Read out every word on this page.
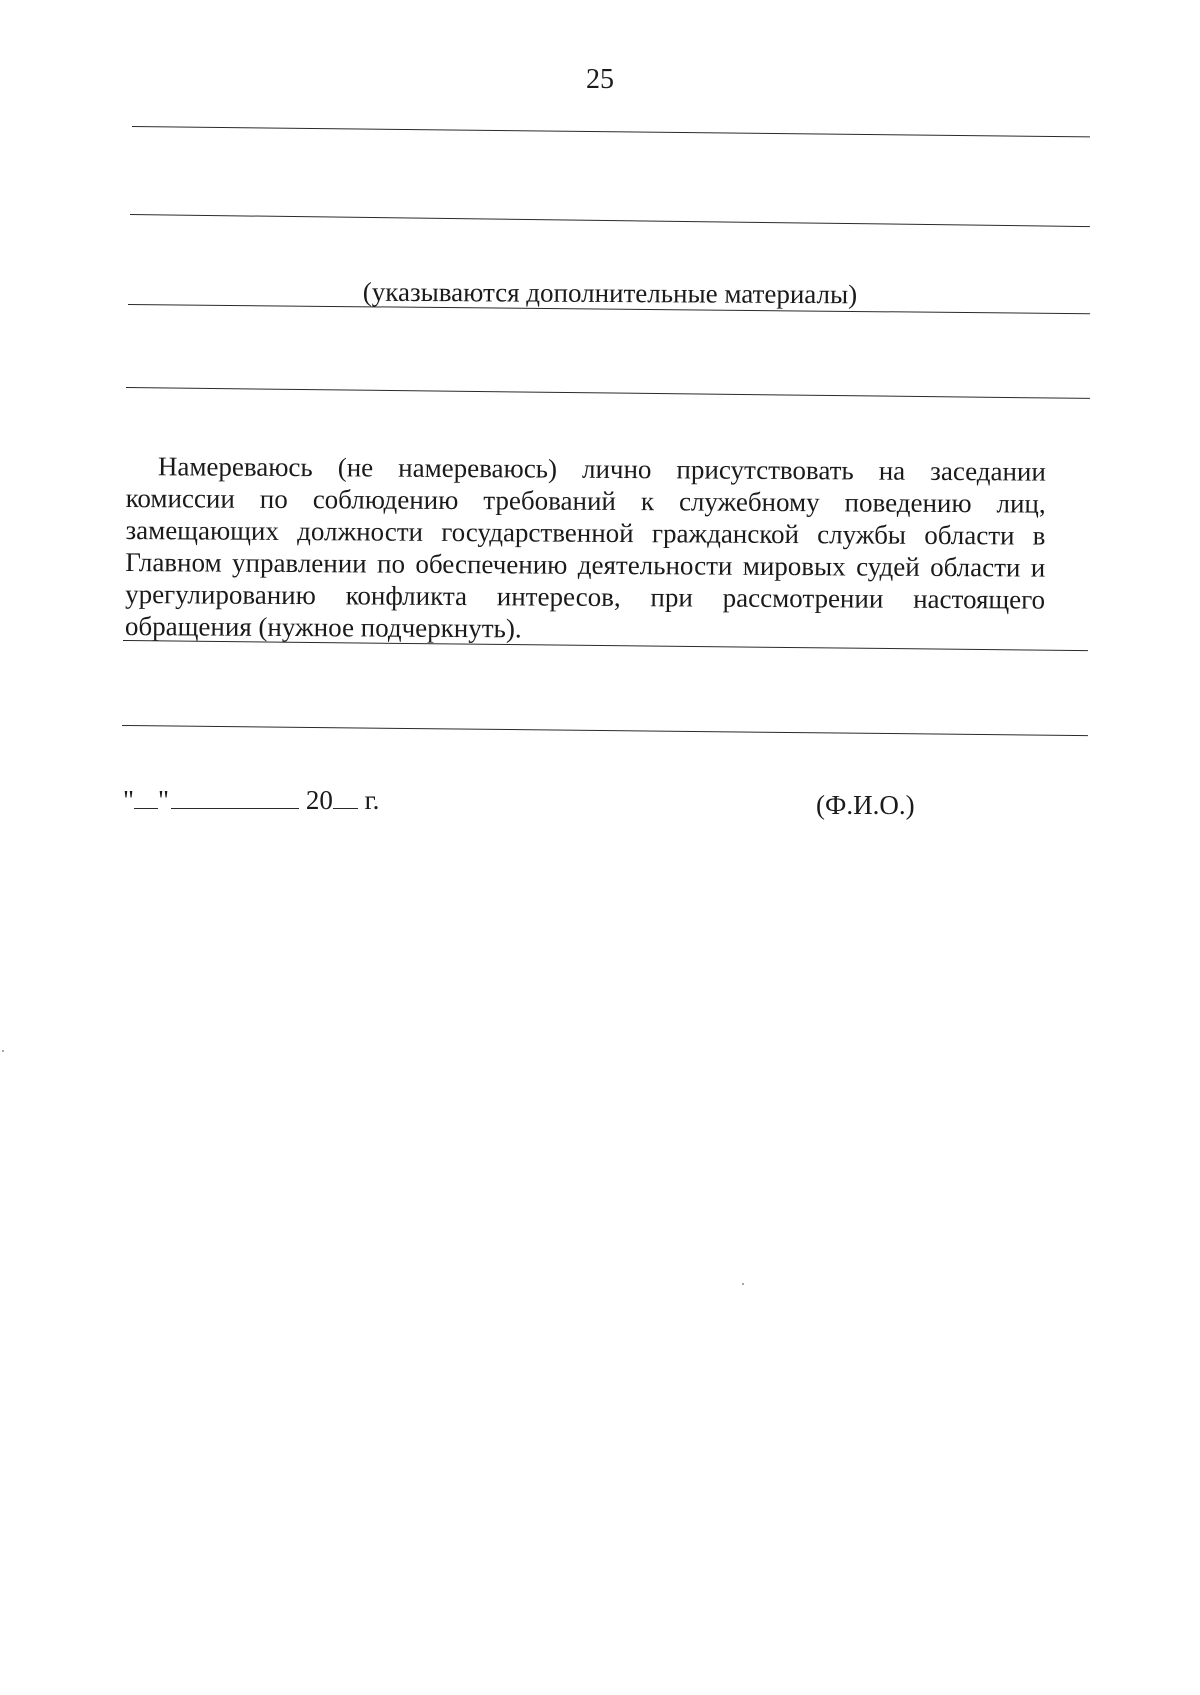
25
(указываются дополнительные материалы)
Намереваюсь (не намереваюсь) лично присутствовать на заседании комиссии по соблюдению требований к служебному поведению лиц, замещающих должности государственной гражданской службы области в Главном управлении по обеспечению деятельности мировых судей области и урегулированию конфликта интересов, при рассмотрении настоящего обращения (нужное подчеркнуть).
" "	20 г.	(Ф.И.О.)
